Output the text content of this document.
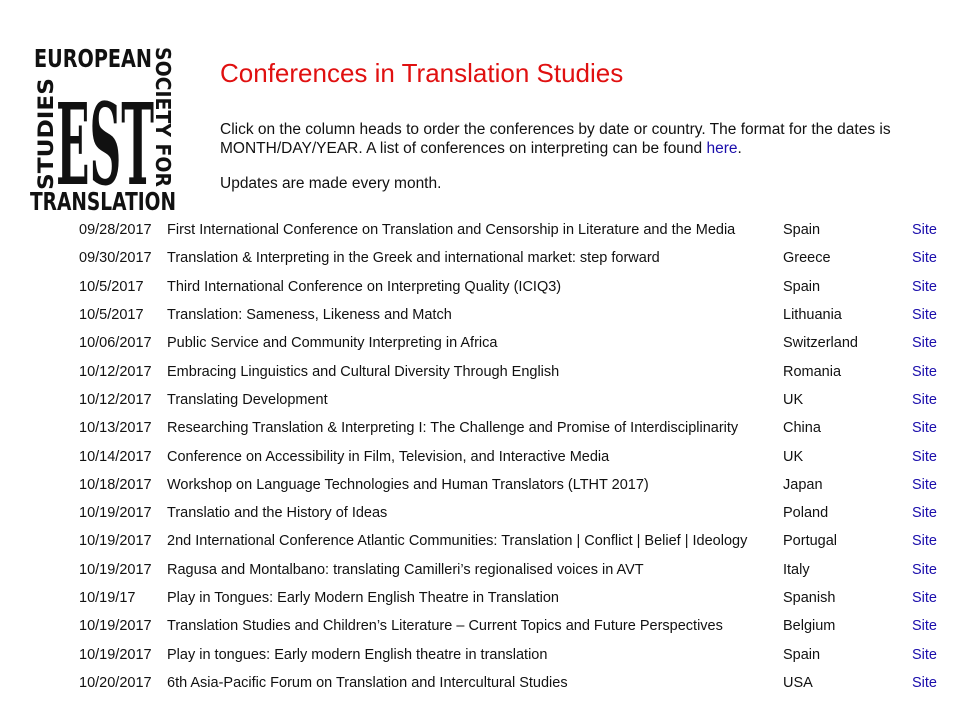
EUROPEAN
STUDIES	SOCIETY FOR
EST
TRANSLATION
Conferences in Translation Studies

Click on the column heads to order the conferences by date or country. The format for the dates is MONTH/DAY/YEAR. A list of conferences on interpreting can be found here.

Updates are made every month.

09/28/2017	First International Conference on Translation and Censorship in Literature and the Media	Spain	Site
09/30/2017	Translation & Interpreting in the Greek and international market: step forward	Greece	Site
10/5/2017	Third International Conference on Interpreting Quality (ICIQ3)	Spain	Site
10/5/2017	Translation: Sameness, Likeness and Match	Lithuania	Site
10/06/2017	Public Service and Community Interpreting in Africa	Switzerland	Site
10/12/2017	Embracing Linguistics and Cultural Diversity Through English	Romania	Site
10/12/2017	Translating Development	UK	Site
10/13/2017	Researching Translation & Interpreting I: The Challenge and Promise of Interdisciplinarity	China	Site
10/14/2017	Conference on Accessibility in Film, Television, and Interactive Media	UK	Site
10/18/2017	Workshop on Language Technologies and Human Translators (LTHT 2017)	Japan	Site
10/19/2017	Translatio and the History of Ideas	Poland	Site
10/19/2017	2nd International Conference Atlantic Communities: Translation | Conflict | Belief | Ideology	Portugal	Site
10/19/2017	Ragusa and Montalbano: translating Camilleri’s regionalised voices in AVT	Italy	Site
10/19/17	Play in Tongues: Early Modern English Theatre in Translation	Spanish	Site
10/19/2017	Translation Studies and Children’s Literature – Current Topics and Future Perspectives	Belgium	Site
10/19/2017	Play in tongues: Early modern English theatre in translation	Spain	Site
10/20/2017	6th Asia-Pacific Forum on Translation and Intercultural Studies	USA	Site
